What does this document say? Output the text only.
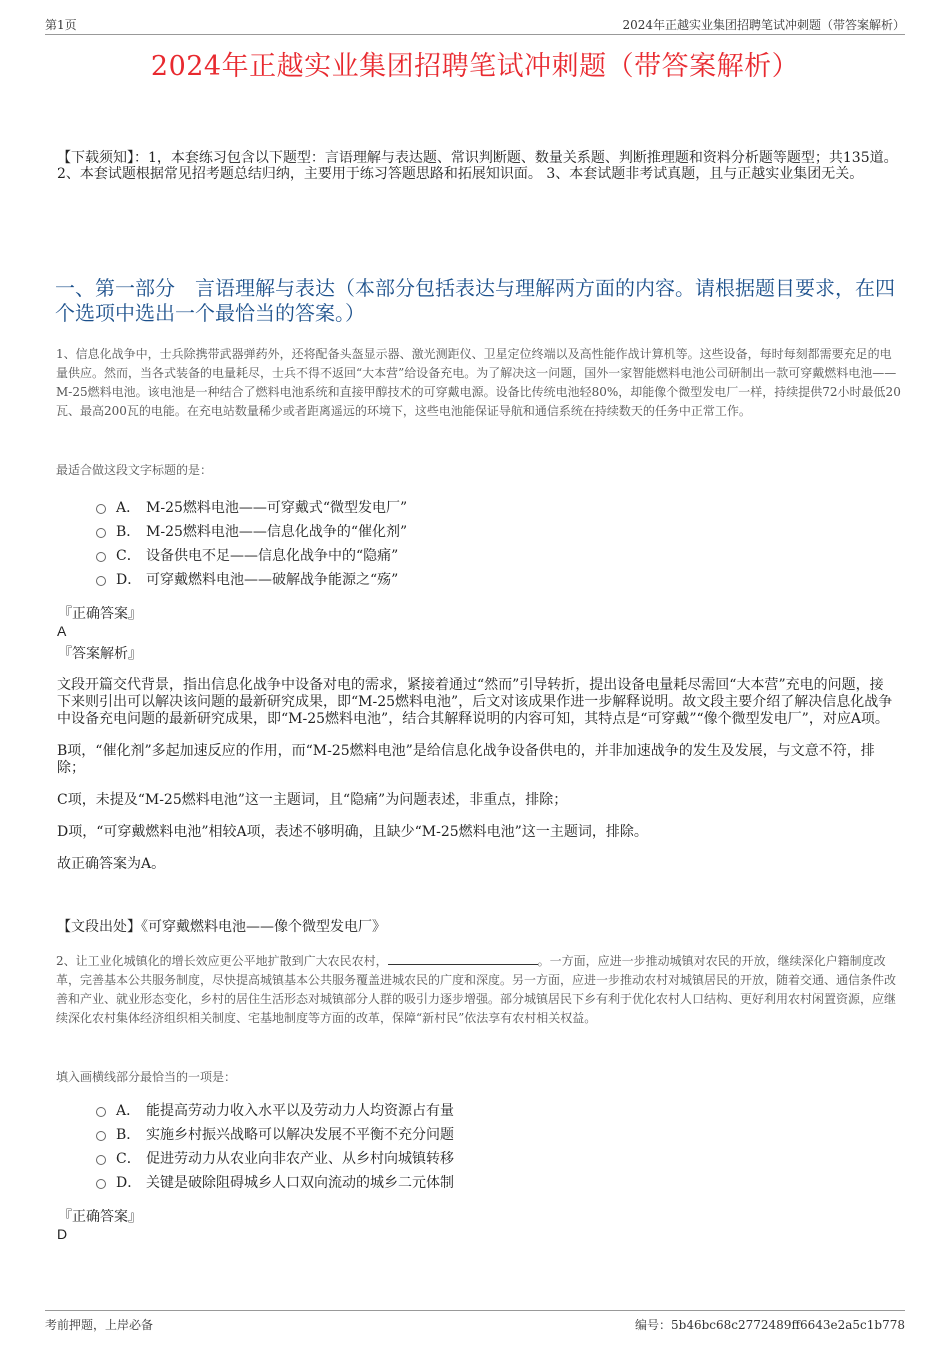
第1页	2024年正越实业集团招聘笔试冲刺题（带答案解析）
2024年正越实业集团招聘笔试冲刺题（带答案解析）
【下载须知】：1，本套练习包含以下题型：言语理解与表达题、常识判断题、数量关系题、判断推理题和资料分析题等题型；共135道。 2、本套试题根据常见招考题总结归纳，主要用于练习答题思路和拓展知识面。 3、本套试题非考试真题，且与正越实业集团无关。
一、第一部分　言语理解与表达（本部分包括表达与理解两方面的内容。请根据题目要求，在四个选项中选出一个最恰当的答案。）
1、信息化战争中，士兵除携带武器弹药外，还将配备头盔显示器、激光测距仪、卫星定位终端以及高性能作战计算机等。这些设备，每时每刻都需要充足的电量供应。然而，当各式装备的电量耗尽，士兵不得不返回“大本营”给设备充电。为了解决这一问题，国外一家智能燃料电池公司研制出一款可穿戴燃料电池——M-25燃料电池。该电池是一种结合了燃料电池系统和直接甲醇技术的可穿戴电源。设备比传统电池轻80%，却能像个微型发电厂一样，持续提供72小时最低20瓦、最高200瓦的电能。在充电站数量稀少或者距离遥远的环境下，这些电池能保证导航和通信系统在持续数天的任务中正常工作。
最适合做这段文字标题的是：
A． M-25燃料电池——可穿戴式“微型发电厂”
B． M-25燃料电池——信息化战争的“催化剂”
C． 设备供电不足——信息化战争中的“隐痛”
D． 可穿戴燃料电池——破解战争能源之“殇”
『正确答案』
A
『答案解析』

文段开篇交代背景，指出信息化战争中设备对电的需求，紧接着通过“然而”引导转折，提出设备电量耗尽需回“大本营”充电的问题，接下来则引出可以解决该问题的最新研究成果，即“M-25燃料电池”，后文对该成果作进一步解释说明。故文段主要介绍了解决信息化战争中设备充电问题的最新研究成果，即“M-25燃料电池”，结合其解释说明的内容可知，其特点是“可穿戴”“像个微型发电厂”，对应A项。

B项，“催化剂”多起加速反应的作用，而“M-25燃料电池”是给信息化战争设备供电的，并非加速战争的发生及发展，与文意不符，排除；

C项，未提及“M-25燃料电池”这一主题词，且“隐痛”为问题表述，非重点，排除；

D项，“可穿戴燃料电池”相较A项，表述不够明确，且缺少“M-25燃料电池”这一主题词，排除。

故正确答案为A。

【文段出处】《可穿戴燃料电池——像个微型发电厂》
2、让工业化城镇化的增长效应更公平地扩散到广大农民农村，	。一方面，应进一步推动城镇对农民的开放，继续深化户籍制度改革，完善基本公共服务制度，尽快提高城镇基本公共服务覆盖进城农民的广度和深度。另一方面，应进一步推动农村对城镇居民的开放，随着交通、通信条件改善和产业、就业形态变化，乡村的居住生活形态对城镇部分人群的吸引力逐步增强。部分城镇居民下乡有利于优化农村人口结构、更好利用农村闲置资源，应继续深化农村集体经济组织相关制度、宅基地制度等方面的改革，保障“新村民”依法享有农村相关权益。
填入画横线部分最恰当的一项是：
A． 能提高劳动力收入水平以及劳动力人均资源占有量
B． 实施乡村振兴战略可以解决发展不平衡不充分问题
C． 促进劳动力从农业向非农产业、从乡村向城镇转移
D． 关键是破除阻碍城乡人口双向流动的城乡二元体制
『正确答案』
D
考前押题，上岸必备	编号：5b46bc68c2772489ff6643e2a5c1b778
